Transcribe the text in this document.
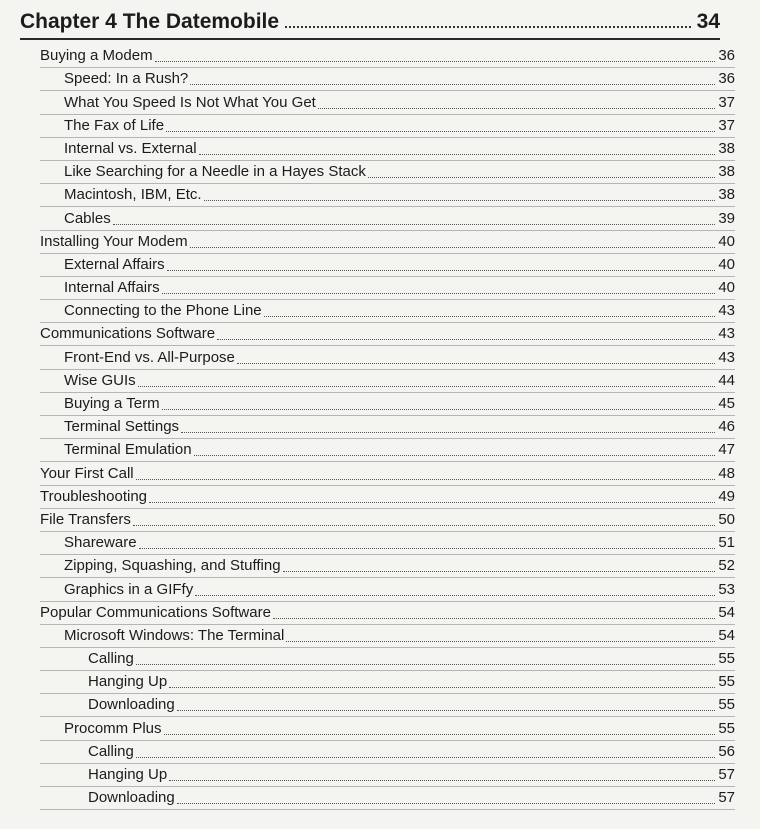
Chapter 4 The Datemobile	34
Buying a Modem	36
Speed: In a Rush?	36
What You Speed Is Not What You Get	37
The Fax of Life	37
Internal vs. External	38
Like Searching for a Needle in a Hayes Stack	38
Macintosh, IBM, Etc.	38
Cables	39
Installing Your Modem	40
External Affairs	40
Internal Affairs	40
Connecting to the Phone Line	43
Communications Software	43
Front-End vs. All-Purpose	43
Wise GUIs	44
Buying a Term	45
Terminal Settings	46
Terminal Emulation	47
Your First Call	48
Troubleshooting	49
File Transfers	50
Shareware	51
Zipping, Squashing, and Stuffing	52
Graphics in a GIFfy	53
Popular Communications Software	54
Microsoft Windows: The Terminal	54
Calling	55
Hanging Up	55
Downloading	55
Procomm Plus	55
Calling	56
Hanging Up	57
Downloading	57
